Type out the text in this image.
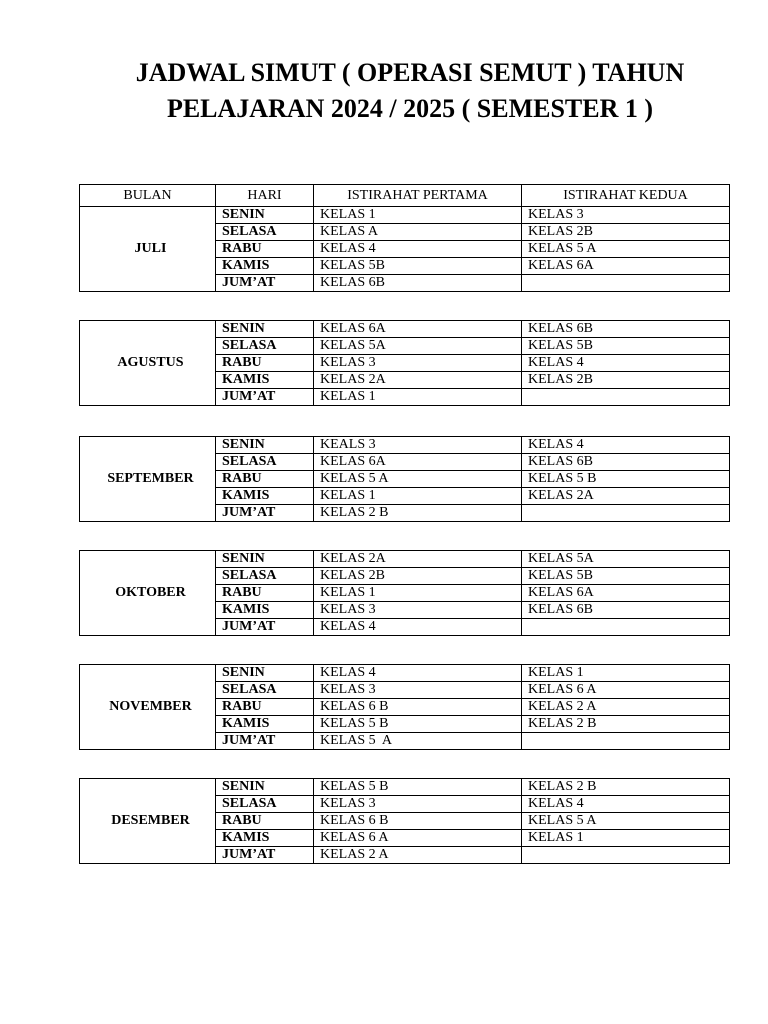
JADWAL SIMUT ( OPERASI SEMUT ) TAHUN
PELAJARAN 2024 / 2025 ( SEMESTER 1 )
BULAN	HARI	ISTIRAHAT PERTAMA	ISTIRAHAT KEDUA
JULI	SENIN	KELAS 1	KELAS 3
	SELASA	KELAS A	KELAS 2B
	RABU	KELAS 4	KELAS 5 A
	KAMIS	KELAS 5B	KELAS 6A
	JUM’AT	KELAS 6B	
AGUSTUS	SENIN	KELAS 6A	KELAS 6B
	SELASA	KELAS 5A	KELAS 5B
	RABU	KELAS 3	KELAS 4
	KAMIS	KELAS 2A	KELAS 2B
	JUM’AT	KELAS 1	
SEPTEMBER	SENIN	KEALS 3	KELAS 4
	SELASA	KELAS 6A	KELAS 6B
	RABU	KELAS 5 A	KELAS 5 B
	KAMIS	KELAS 1	KELAS 2A
	JUM’AT	KELAS 2 B	
OKTOBER	SENIN	KELAS 2A	KELAS 5A
	SELASA	KELAS 2B	KELAS 5B
	RABU	KELAS 1	KELAS 6A
	KAMIS	KELAS 3	KELAS 6B
	JUM’AT	KELAS 4	
NOVEMBER	SENIN	KELAS 4	KELAS 1
	SELASA	KELAS 3	KELAS 6 A
	RABU	KELAS 6 B	KELAS 2 A
	KAMIS	KELAS 5 B	KELAS 2 B
	JUM’AT	KELAS 5  A	
DESEMBER	SENIN	KELAS 5 B	KELAS 2 B
	SELASA	KELAS 3	KELAS 4
	RABU	KELAS 6 B	KELAS 5 A
	KAMIS	KELAS 6 A	KELAS 1
	JUM’AT	KELAS 2 A	
